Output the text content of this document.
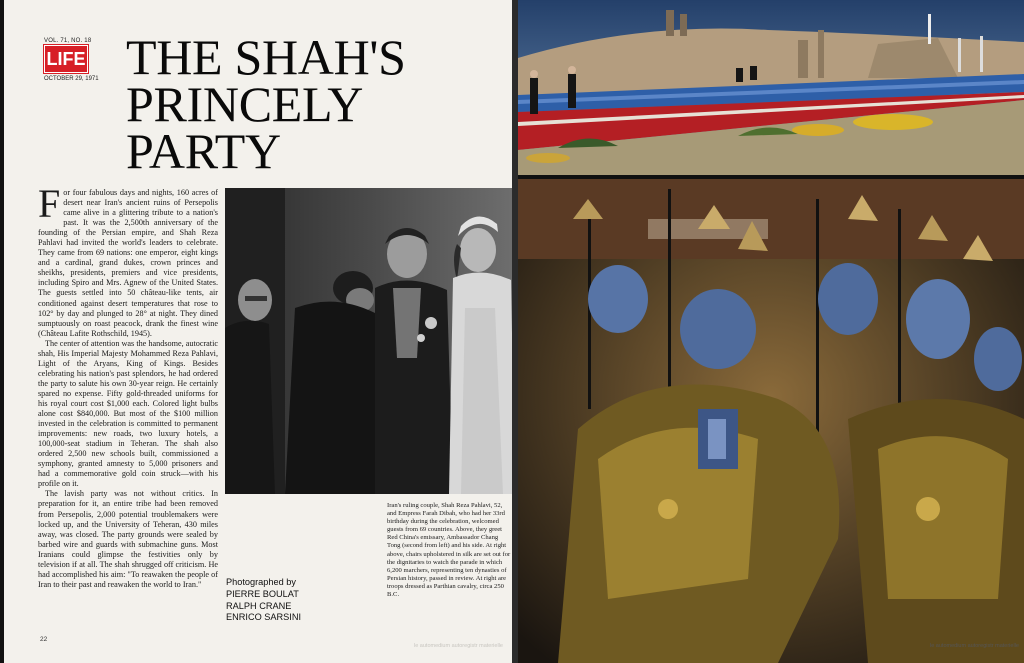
VOL. 71, NO. 18
LIFE
OCTOBER 29, 1971 THE SHAH'S
PRINCELY
PARTY

For four fabulous days and nights, 160 acres of desert near Iran's ancient ruins of Persepolis came alive in a glittering tribute to a nation's past. It was the 2,500th anniversary of the founding of the Persian empire, and Shah Reza Pahlavi had invited the world's leaders to celebrate. They came from 69 nations: one emperor, eight kings and a cardinal, grand dukes, crown princes and sheikhs, presidents, premiers and vice presidents, including Spiro and Mrs. Agnew of the United States. The guests settled into 50 château-like tents, air conditioned against desert temperatures that rose to 102° by day and plunged to 28° at night. They dined sumptuously on roast peacock, drank the finest wine (Château Lafite Rothschild, 1945).

The center of attention was the handsome, autocratic shah, His Imperial Majesty Mohammed Reza Pahlavi, Light of the Aryans, King of Kings. Besides celebrating his nation's past splendors, he had ordered the party to salute his own 30-year reign. He certainly spared no expense. Fifty gold-threaded uniforms for his royal court cost $1,000 each. Colored light bulbs alone cost $840,000. But most of the $100 million invested in the celebration is committed to permanent improvements: new roads, two luxury hotels, a 100,000-seat stadium in Teheran. The shah also ordered 2,500 new schools built, commissioned a symphony, granted amnesty to 5,000 prisoners and had a commemorative gold coin struck—with his profile on it.

The lavish party was not without critics. In preparation for it, an entire tribe had been removed from Persepolis, 2,000 potential troublemakers were locked up, and the University of Teheran, 430 miles away, was closed. The party grounds were sealed by barbed wire and guards with submachine guns. Most Iranians could glimpse the festivities only by television if at all. The shah shrugged off criticism. He had accomplished his aim: "To reawaken the people of Iran to their past and reawaken the world to Iran."

Iran's ruling couple, Shah Reza Pahlavi, 52, and Empress Farah Dibah, who had her 33rd birthday during the celebration, welcomed guests from 69 countries. Above, they greet Red China's emissary, Ambassador Chang Tong (second from left) and his side. At right above, chairs upholstered in silk are set out for the dignitaries to watch the parade in which 6,200 marchers, representing ten dynasties of Persian history, passed in review. At right are troops dressed as Parthian cavalry, circa 250 B.C.
Photographed by
PIERRE BOULAT
RALPH CRANE
ENRICO SARSINI
22
le automedium autoregistr materielle	le automedium autoregistr materielle
